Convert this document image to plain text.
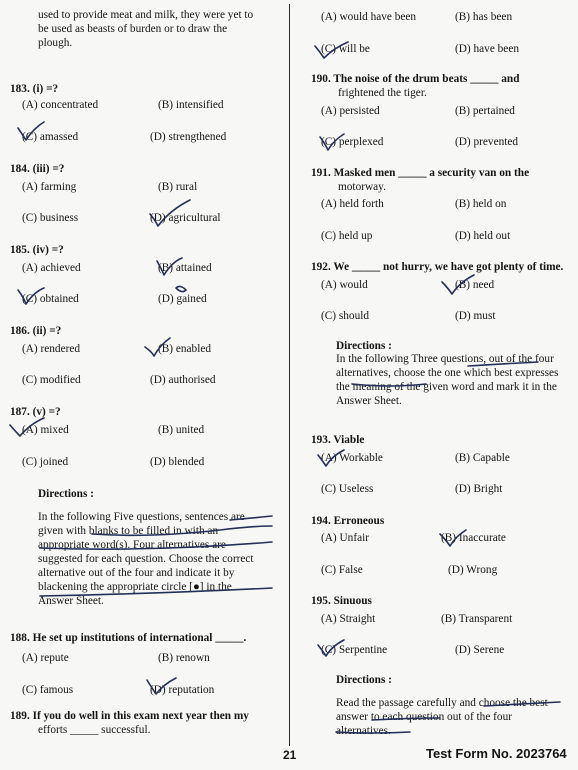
used to provide meat and milk, they were yet to
be used as beasts of burden or to draw the
plough.
183. (i) =?
(A) concentrated	(B) intensified
(C) amassed	(D) strengthened
184. (iii) =?
(A) farming	(B) rural
(C) business	(D) agricultural
185. (iv) =?
(A) achieved	(B) attained
(C) obtained	(D) gained
186. (ii) =?
(A) rendered	(B) enabled
(C) modified	(D) authorised
187. (v) =?
(A) mixed	(B) united
(C) joined	(D) blended
Directions :
In the following Five questions, sentences are
given with blanks to be filled in with an
appropriate word(s). Four alternatives are
suggested for each question. Choose the correct
alternative out of the four and indicate it by
blackening the appropriate circle [●] in the
Answer Sheet.
188. He set up institutions of international _____.
(A) repute	(B) renown
(C) famous	(D) reputation
189. If you do well in this exam next year then my
efforts _____ successful.
(A) would have been	(B) has been
(C) will be	(D) have been
190. The noise of the drum beats _____ and
frightened the tiger.
(A) persisted	(B) pertained
(C) perplexed	(D) prevented
191. Masked men _____ a security van on the
motorway.
(A) held forth	(B) held on
(C) held up	(D) held out
192. We _____ not hurry, we have got plenty of time.
(A) would	(B) need
(C) should	(D) must
Directions :
In the following Three questions, out of the four
alternatives, choose the one which best expresses
the meaning of the given word and mark it in the
Answer Sheet.
193. Viable
(A) Workable	(B) Capable
(C) Useless	(D) Bright
194. Erroneous
(A) Unfair	(B) Inaccurate
(C) False	(D) Wrong
195. Sinuous
(A) Straight	(B) Transparent
(C) Serpentine	(D) Serene
Directions :
Read the passage carefully and choose the best
answer to each question out of the four
alternatives.
21	Test Form No. 2023764
